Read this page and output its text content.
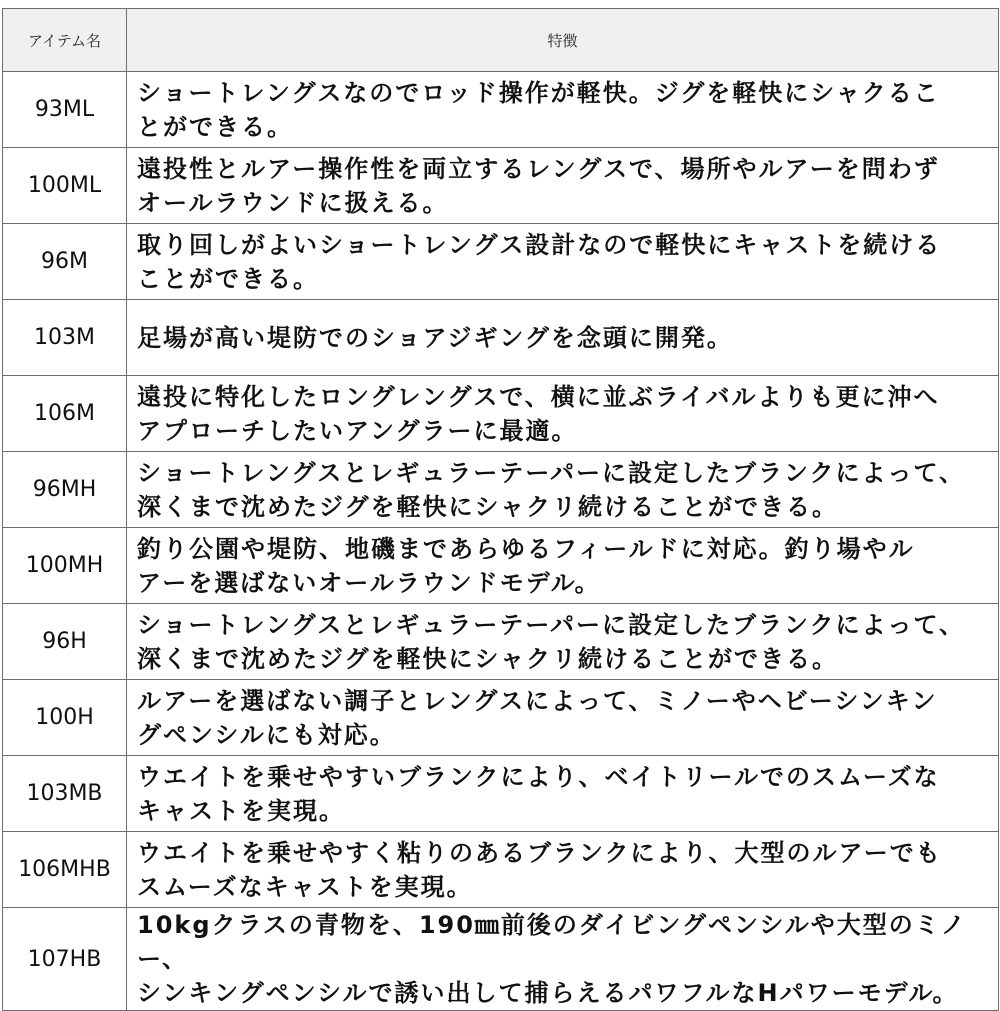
アイテム名	特徴
93ML	ショートレングスなのでロッド操作が軽快。ジグを軽快にシャクるこ
とができる。

100ML	遠投性とルアー操作性を両立するレングスで、場所やルアーを問わず
オールラウンドに扱える。

96M	取り回しがよいショートレングス設計なので軽快にキャストを続ける
ことができる。

103M	足場が高い堤防でのショアジギングを念頭に開発。

106M	遠投に特化したロングレングスで、横に並ぶライバルよりも更に沖へ
アプローチしたいアングラーに最適。

96MH	ショートレングスとレギュラーテーパーに設定したブランクによって、
深くまで沈めたジグを軽快にシャクリ続けることができる。

100MH	釣り公園や堤防、地磯まであらゆるフィールドに対応。釣り場やル
アーを選ばないオールラウンドモデル。

96H	ショートレングスとレギュラーテーパーに設定したブランクによって、
深くまで沈めたジグを軽快にシャクリ続けることができる。

100H	ルアーを選ばない調子とレングスによって、ミノーやヘビーシンキン
グペンシルにも対応。

103MB	ウエイトを乗せやすいブランクにより、ベイトリールでのスムーズな
キャストを実現。

106MHB	ウエイトを乗せやすく粘りのあるブランクにより、大型のルアーでも
スムーズなキャストを実現。

107HB	10kgクラスの青物を、190㎜前後のダイビングペンシルや大型のミノー、
シンキングペンシルで誘い出して捕らえるパワフルなHパワーモデル。
